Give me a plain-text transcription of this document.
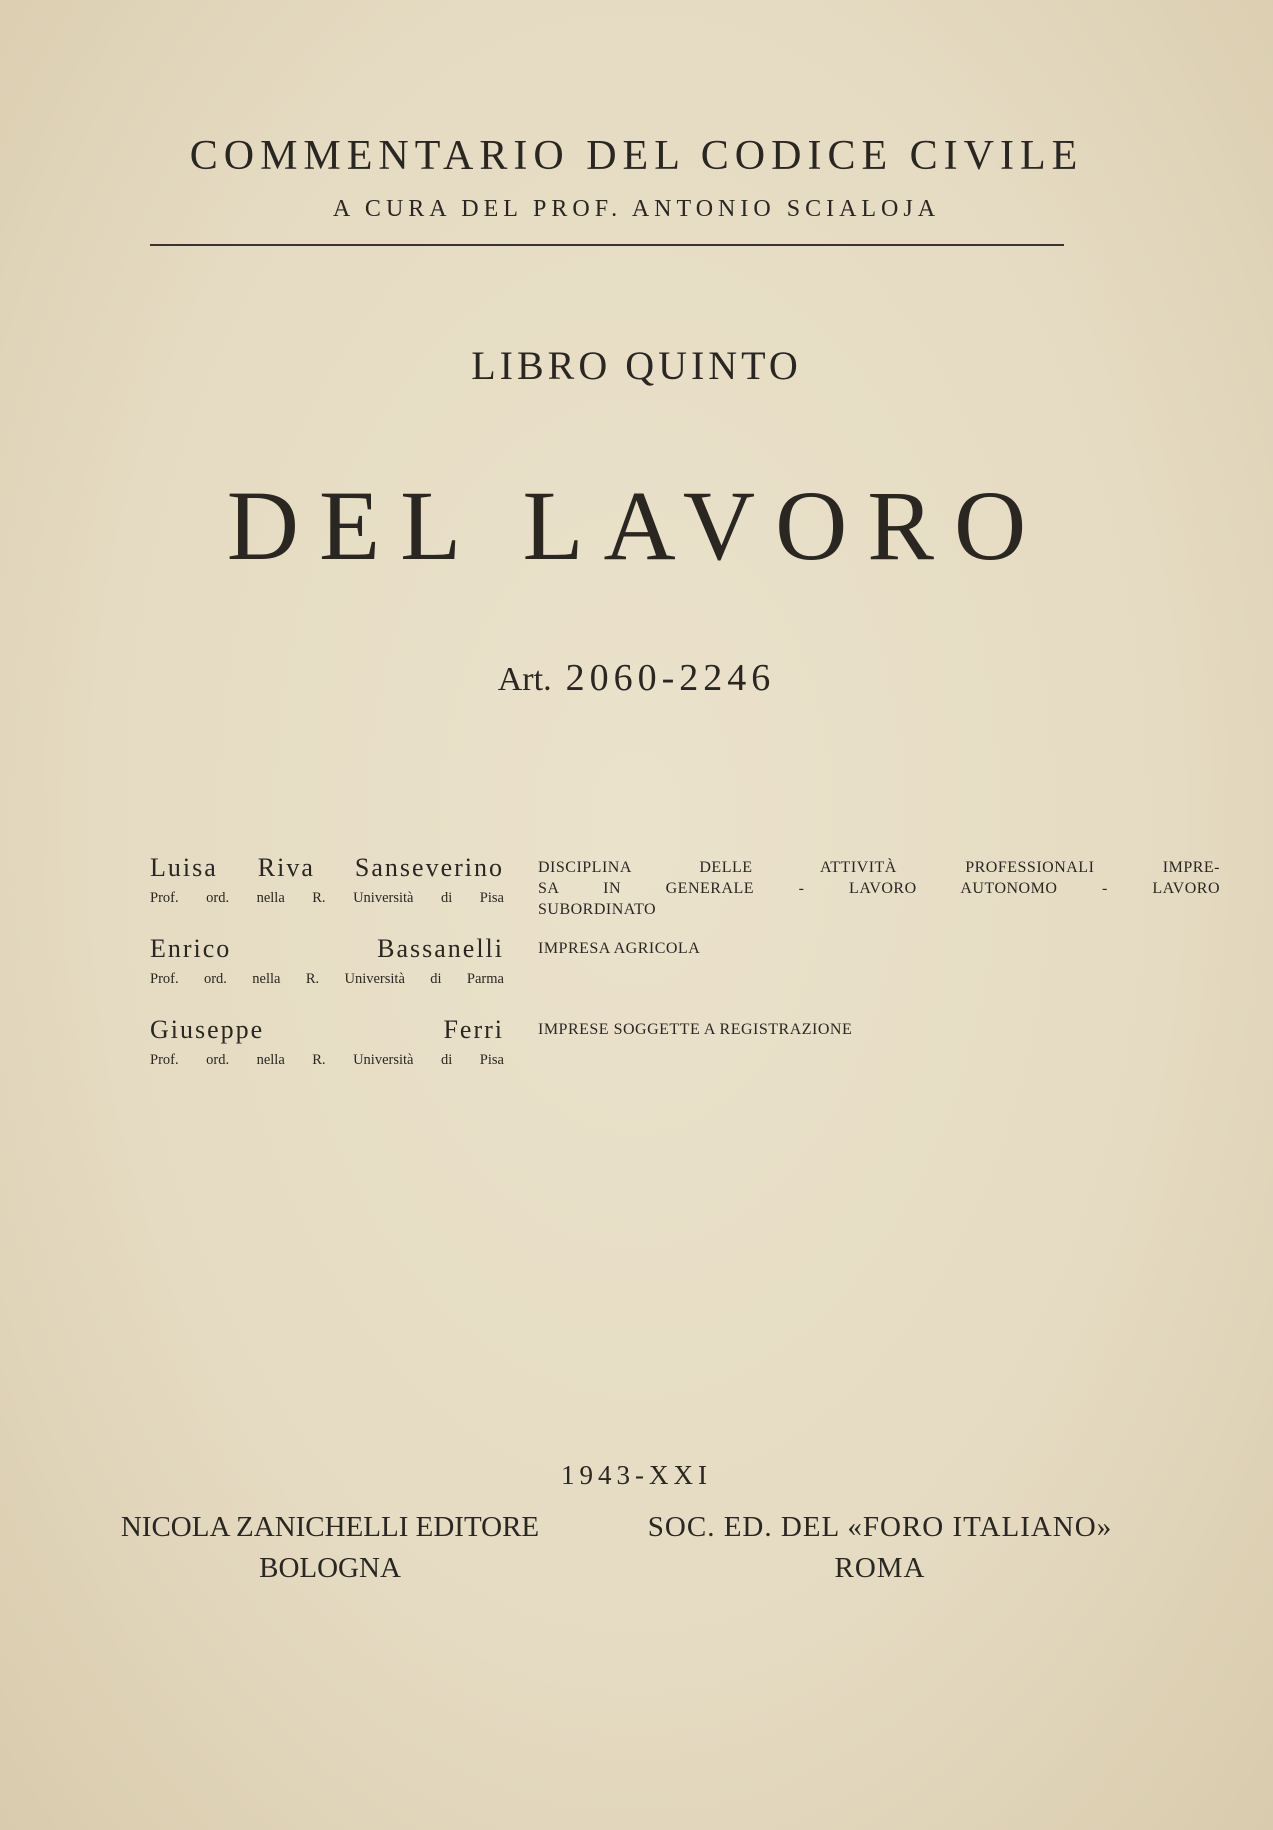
COMMENTARIO DEL CODICE CIVILE
A CURA DEL PROF. ANTONIO SCIALOJA
LIBRO QUINTO
DEL LAVORO
Art. 2060-2246
Luisa Riva Sanseverino
Prof. ord. nella R. Università di Pisa
DISCIPLINA DELLE ATTIVITÀ PROFESSIONALI IMPRE-
SA IN GENERALE - LAVORO AUTONOMO - LAVORO
SUBORDINATO
Enrico	Bassanelli
Prof. ord. nella R. Università di Parma
IMPRESA AGRICOLA
Giuseppe	Ferri
Prof. ord. nella R. Università di Pisa
IMPRESE SOGGETTE A REGISTRAZIONE
1943-XXI
NICOLA ZANICHELLI EDITORE
BOLOGNA
SOC. ED. DEL «FORO ITALIANO»
ROMA
